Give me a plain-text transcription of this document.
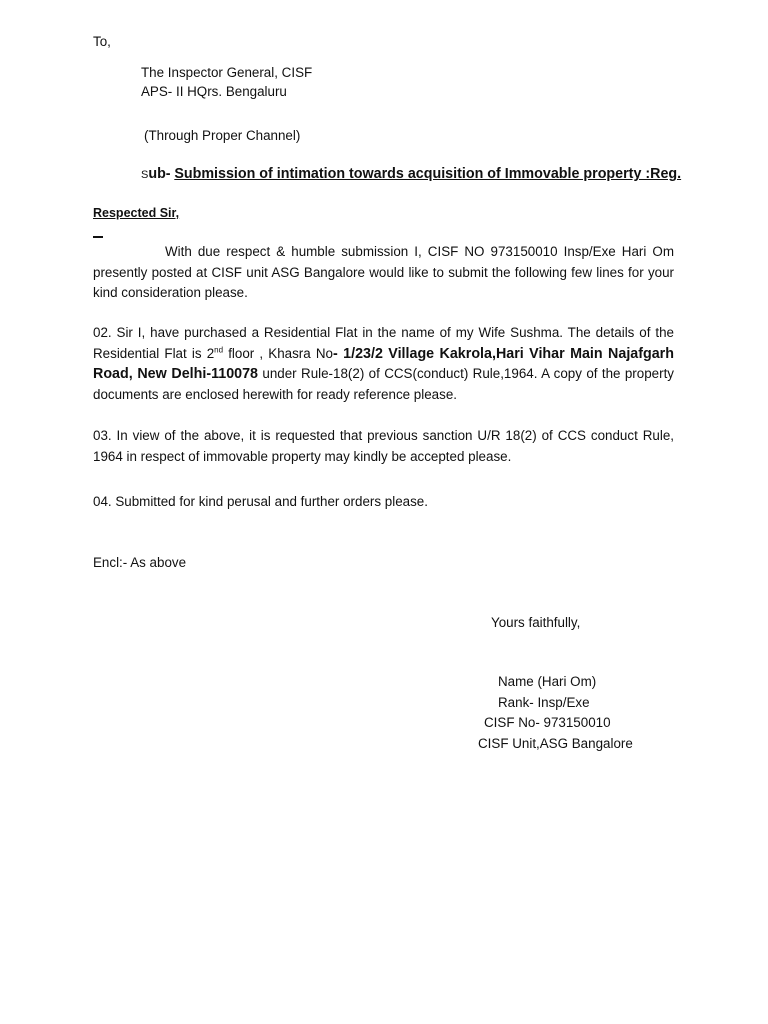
To,
The Inspector General, CISF
APS- II HQrs. Bengaluru
(Through Proper Channel)
Sub- Submission of intimation towards acquisition of Immovable property :Reg.
Respected Sir,
With due respect & humble submission I, CISF NO 973150010 Insp/Exe Hari Om presently posted at CISF unit ASG Bangalore would like to submit the following few lines for your kind consideration please.
02. Sir I, have purchased a Residential Flat in the name of my Wife Sushma. The details of the Residential Flat is 2nd floor , Khasra No- 1/23/2 Village Kakrola,Hari Vihar Main Najafgarh Road, New Delhi-110078 under Rule-18(2) of CCS(conduct) Rule,1964. A copy of the property documents are enclosed herewith for ready reference please.
03. In view of the above, it is requested that previous sanction U/R 18(2) of CCS conduct Rule, 1964 in respect of immovable property may kindly be accepted please.
04. Submitted for kind perusal and further orders please.
Encl:- As above
Yours faithfully,
Name (Hari Om)
Rank- Insp/Exe
CISF No- 973150010
CISF Unit,ASG Bangalore
